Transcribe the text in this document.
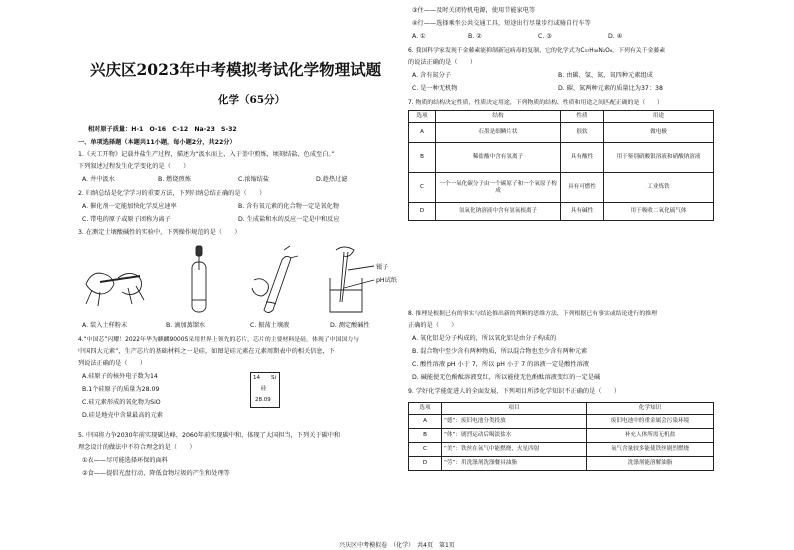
兴庆区2023年中考模拟考试化学物理试题
化学（65分）
相对原子质量：H-1　O-16　C-12　Na-23　S-32
一、单项选择题（本题共11小题，每小题2分，共22分）
1.《天工开物》记载井盐生产过程，描述为“汲水而上，入于釜中煎炼，顷刻结盐，色成至白。”
下列叙述过程发生化学变化的是（　　）
A. 井中汲水	B. 燃烧煎炼	C.浓缩结盐	D.趁热过滤
2. 归纳总结是化学学习的重要方法，下列归纳总结正确的是（　　）
A. 催化剂一定能加快化学反应速率	B. 含有氧元素的化合物一定是氧化物
C. 带电的原子或原子团称为离子	D. 生成盐和水的反应一定是中和反应
3. 在测定土壤酸碱性的实验中，下列操作规范的是（　　）
镊子
pH试纸
A. 装入土样粉末	B. 滴加蒸馏水	C. 振荡土壤液	D. 测定酸碱性
4.“中国芯”闪耀！2022年华为麒麟9000S采用世界上领先的芯片，芯片的主要材料是硅，体现了中国国力与
中国四大元素”，生产芯片的基础材料之一是硅，如图是硅元素在元素周期表中的相关信息，下
列说法正确的是（　　）
A.硅原子的核外电子数为14
B.1个硅原子的质量为28.09
C.硅元素形成的氧化物为SiO
D.硅是地壳中含量最高的元素
14 Si
硅
28.09
5. 中国将力争2030年前实现碳达峰，2060年前实现碳中和，体现了大国担当，下列关于碳中和
理念设计的做法中不符合理念的是（　　）
①衣——尽可能选择环保的面料
②食——提倡光盘行动，降低食物垃圾的产生和处理等
③住——及时关闭待机电源，使用节能家电等
④行——选择乘坐公共交通工具，短途出行尽量步行或骑自行车等
A. ①	B. ②	C. ③	D. ④
6. 我国科学家发现千金藤素能抑制新冠病毒的复制，它的化学式为C₃₇H₃₈N₂O₆，下列有关千金藤素
的说法正确的是（　　）
A. 含有氮分子	B. 由碳、氢、氮、氧四种元素组成
C. 是一种无机物	D. 碳、氮两种元素的质量比为37：38
7. 物质的结构决定性质，性质决定用途，下列物质的结构、性质和用途之间匹配正确的是（　　）
选项	结构	性质	用途
A	石墨是细鳞片状	很软	做电极
B	稀盐酸中含有氢离子	具有酸性	用于鉴别硝酸银溶液和硝酸钠溶液
C	一个一氧化碳分子由一个碳原子和一个氧原子构成	具有可燃性	工业炼铁
D	氢氧化钠溶液中含有氢氧根离子	具有碱性	用于吸收二氧化硫气体
8. 推理是根据已有的事实与结论推出新的判断的思维方法，下列根据已有事实或结论进行的推理
正确的是（　　）
A. 氧化铝是分子构成的，所以氧化铝是由分子构成的
B. 混合物中至少含有两种物质，所以混合物也至少含有两种元素
C. 酸性溶液 pH 小于 7，所以 pH 小于 7 的溶液一定是酸性溶液
D. 碱能使无色酚酞溶液变红，所以能使无色酚酞溶液变红的一定是碱
9. 学好化学能促进人的全面发展，下列项目所涉化学知识不正确的是（　　）
选项	项目	化学知识
A	“德”：废旧电池分类投放	废旧电池中的重金属会污染环境
B	“体”：剧烈运动后喝淡盐水	补充人体所需无机盐
C	“美”：铁丝在氧气中能燃烧，火星四射	氧气含量较多能使铁丝剧烈燃烧
D	“劳”：用洗涤剂洗涤餐具油脂	洗涤剂能溶解油脂
兴庆区中考模拟卷　（化学）　共4页　第1页
